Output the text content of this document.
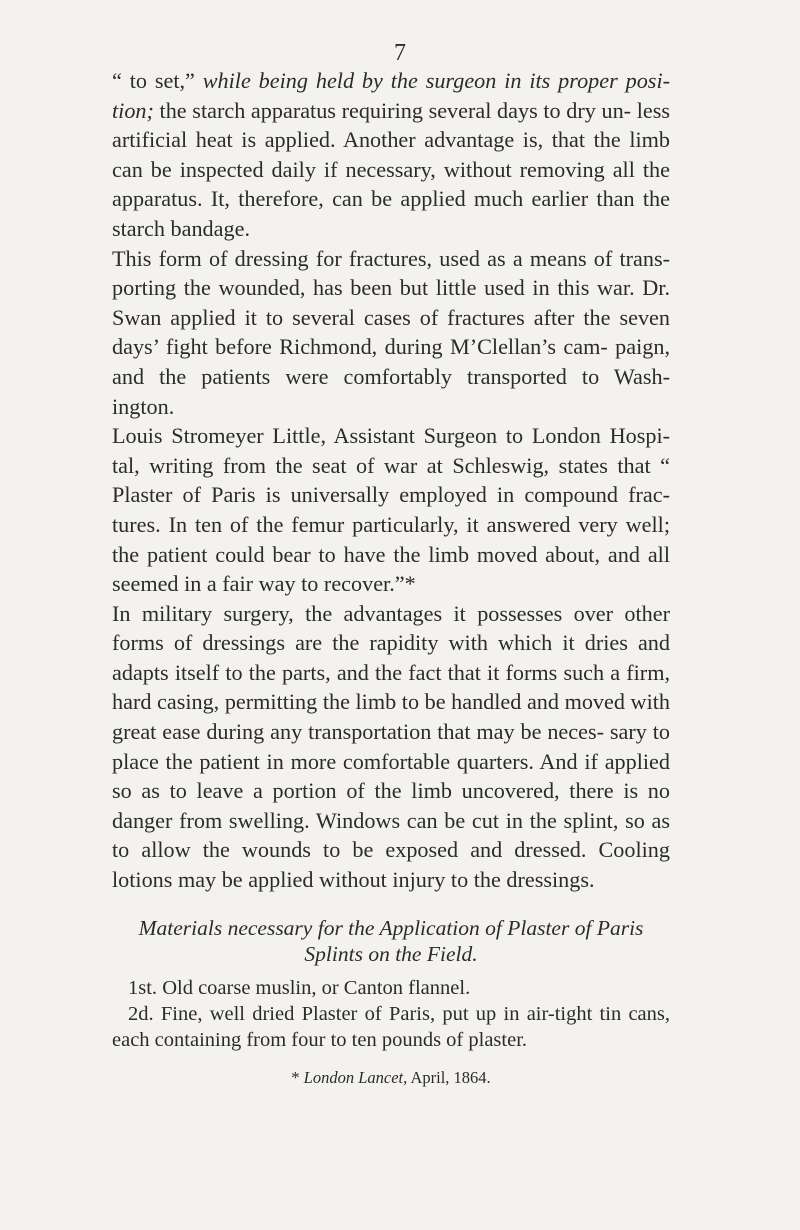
7

“ to set,” while being held by the surgeon in its proper posi- tion; the starch apparatus requiring several days to dry un- less artificial heat is applied. Another advantage is, that the limb can be inspected daily if necessary, without removing all the apparatus. It, therefore, can be applied much earlier than the starch bandage.

This form of dressing for fractures, used as a means of trans- porting the wounded, has been but little used in this war. Dr. Swan applied it to several cases of fractures after the seven days’ fight before Richmond, during M’Clellan’s cam- paign, and the patients were comfortably transported to Wash- ington.

Louis Stromeyer Little, Assistant Surgeon to London Hospi- tal, writing from the seat of war at Schleswig, states that “ Plaster of Paris is universally employed in compound frac- tures. In ten of the femur particularly, it answered very well; the patient could bear to have the limb moved about, and all seemed in a fair way to recover.”*

In military surgery, the advantages it possesses over other forms of dressings are the rapidity with which it dries and adapts itself to the parts, and the fact that it forms such a firm, hard casing, permitting the limb to be handled and moved with great ease during any transportation that may be neces- sary to place the patient in more comfortable quarters. And if applied so as to leave a portion of the limb uncovered, there is no danger from swelling. Windows can be cut in the splint, so as to allow the wounds to be exposed and dressed. Cooling lotions may be applied without injury to the dressings.

Materials necessary for the Application of Plaster of Paris
Splints on the Field.

1st. Old coarse muslin, or Canton flannel.

2d. Fine, well dried Plaster of Paris, put up in air-tight tin cans, each containing from four to ten pounds of plaster.

* London Lancet, April, 1864.
